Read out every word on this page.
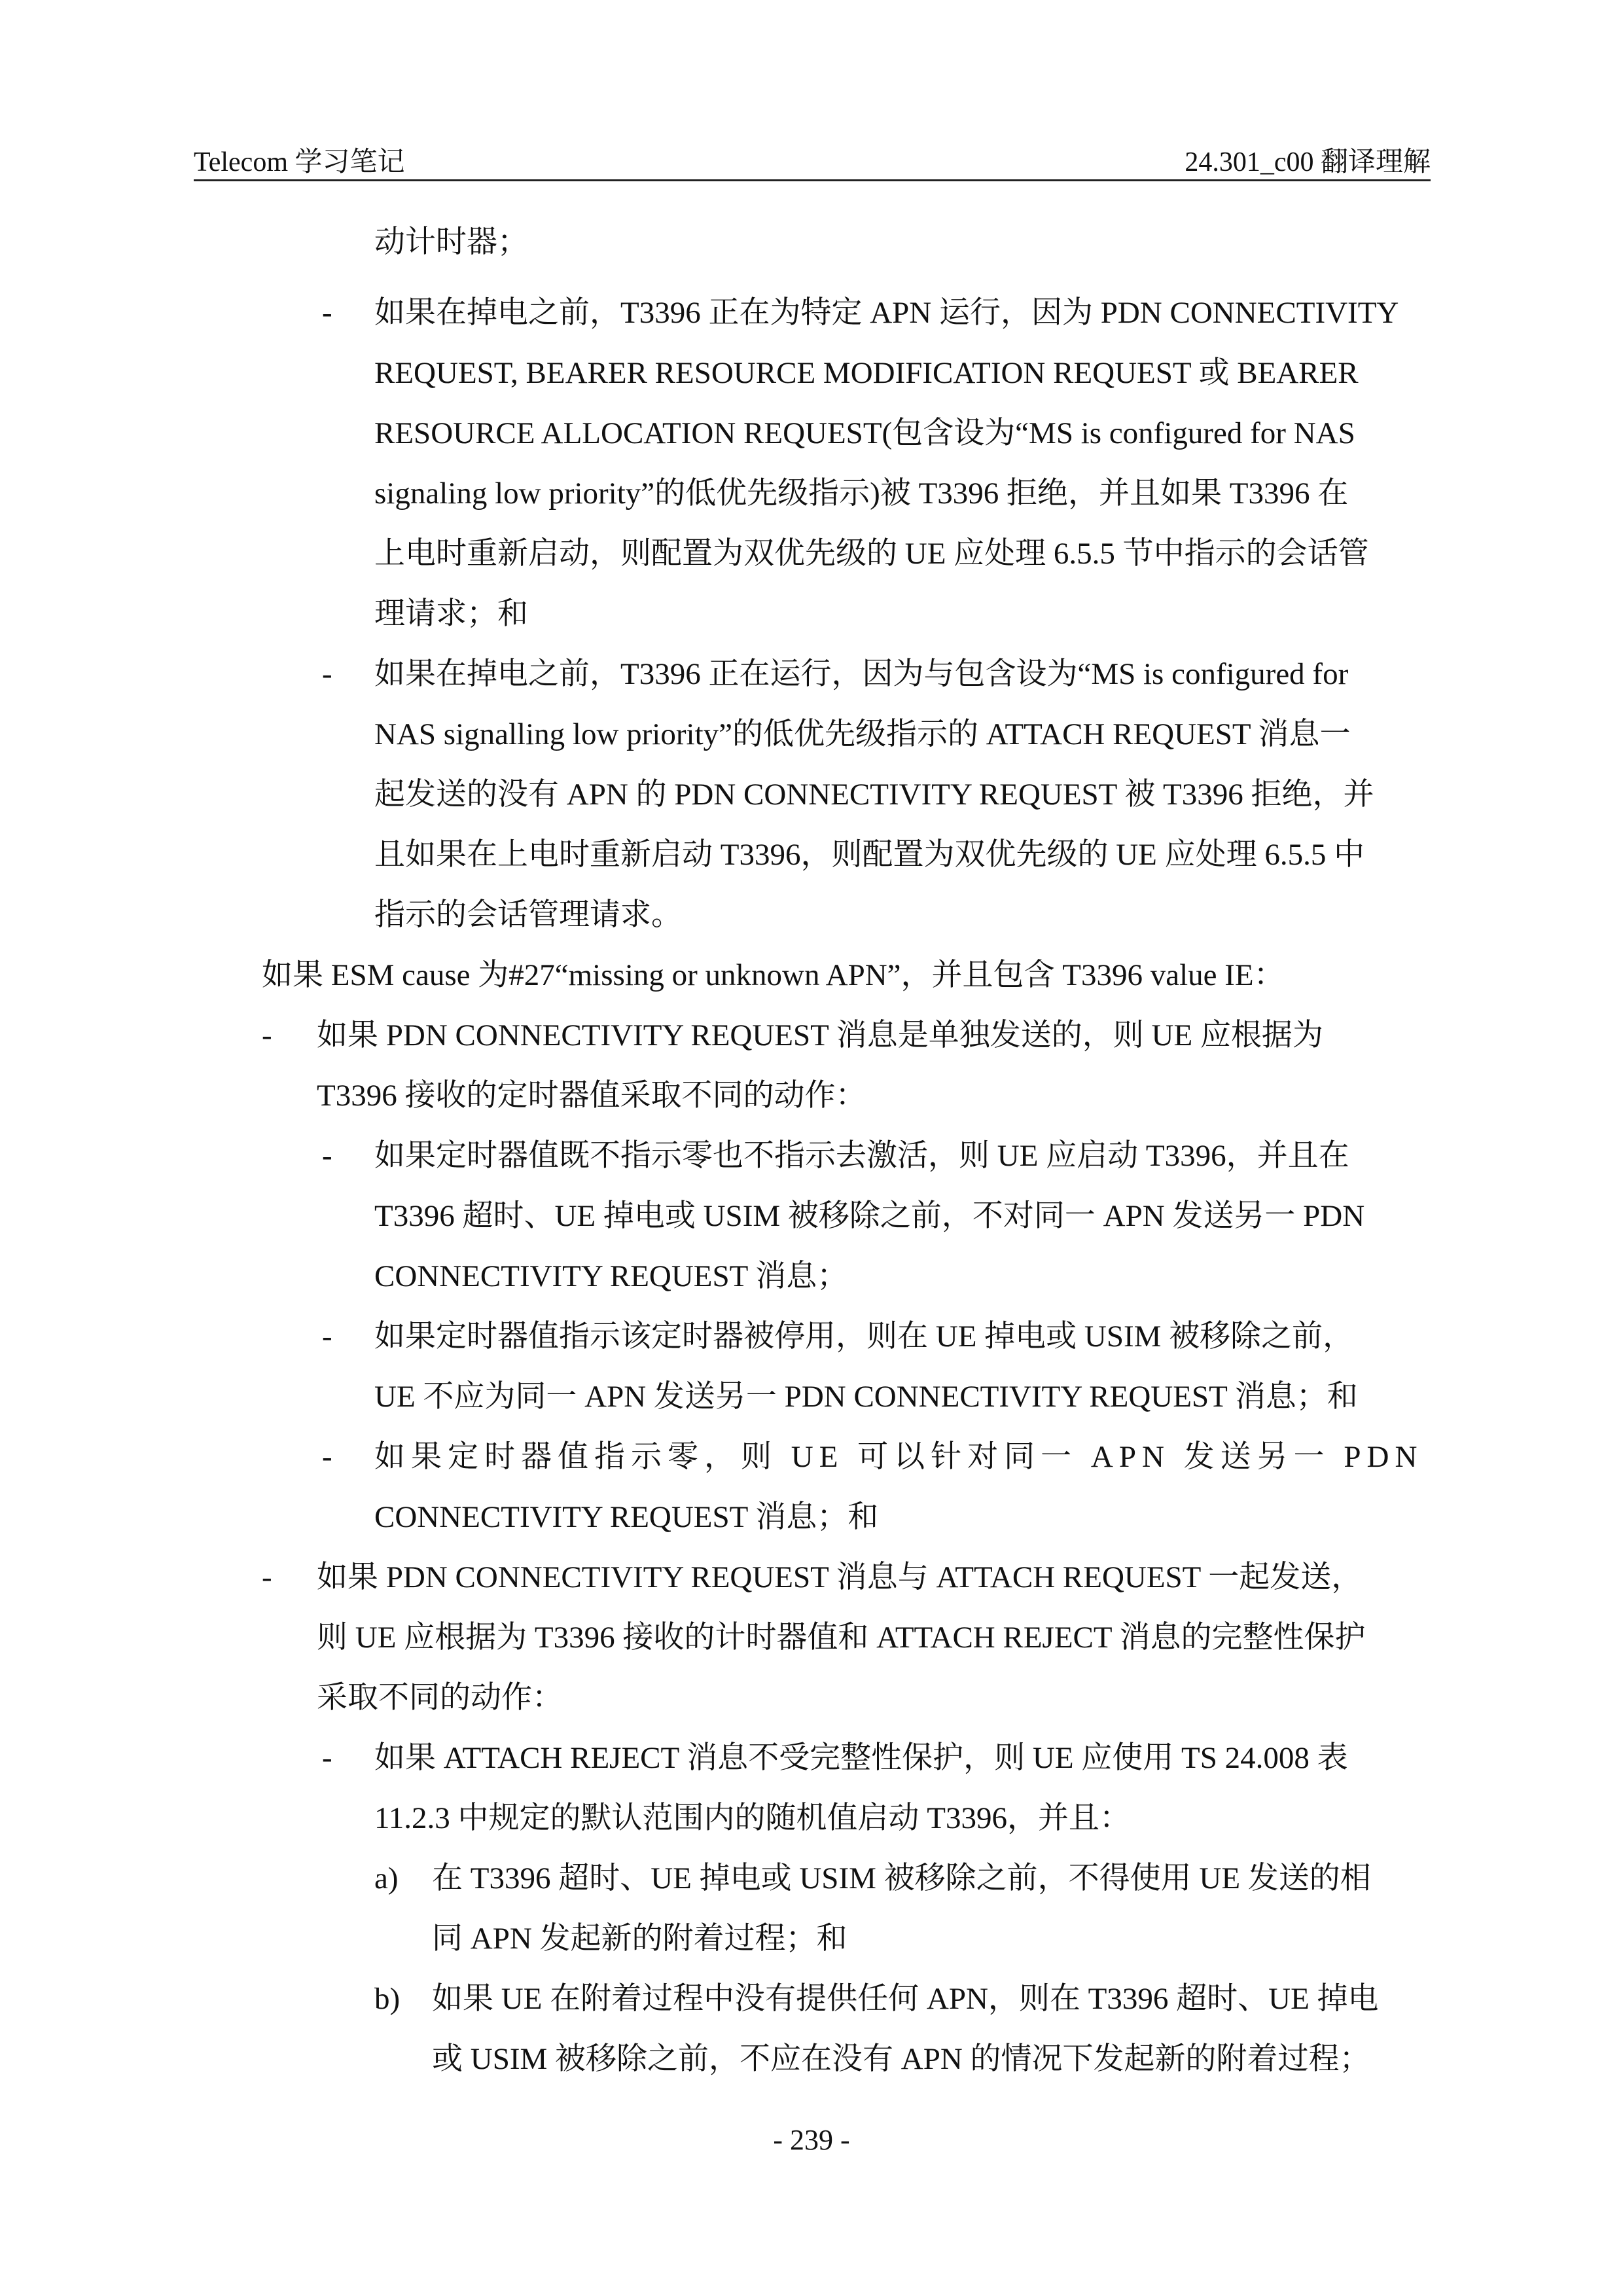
Telecom 学习笔记	24.301_c00 翻译理解
-
-
-
-
-
-
-
-
a)
b)
动计时器；
如果在掉电之前，T3396 正在为特定 APN 运行，因为 PDN CONNECTIVITY
REQUEST, BEARER RESOURCE MODIFICATION REQUEST 或 BEARER
RESOURCE ALLOCATION REQUEST(包含设为“MS is configured for NAS
signaling low priority”的低优先级指示)被 T3396 拒绝，并且如果 T3396 在
上电时重新启动，则配置为双优先级的 UE 应处理 6.5.5 节中指示的会话管
理请求；和
如果在掉电之前，T3396 正在运行，因为与包含设为“MS is configured for
NAS signalling low priority”的低优先级指示的 ATTACH REQUEST 消息一
起发送的没有 APN 的 PDN CONNECTIVITY REQUEST 被 T3396 拒绝，并
且如果在上电时重新启动 T3396，则配置为双优先级的 UE 应处理 6.5.5 中
指示的会话管理请求。
如果 ESM cause 为#27“missing or unknown APN”，并且包含 T3396 value IE：
如果 PDN CONNECTIVITY REQUEST 消息是单独发送的，则 UE 应根据为
T3396 接收的定时器值采取不同的动作：
如果定时器值既不指示零也不指示去激活，则 UE 应启动 T3396，并且在
T3396 超时、UE 掉电或 USIM 被移除之前，不对同一 APN 发送另一 PDN
CONNECTIVITY REQUEST 消息；
如果定时器值指示该定时器被停用，则在 UE 掉电或 USIM 被移除之前，
UE 不应为同一 APN 发送另一 PDN CONNECTIVITY REQUEST 消息；和
如果定时器值指示零，则 UE 可以针对同一 APN 发送另一 PDN
CONNECTIVITY REQUEST 消息；和
如果 PDN CONNECTIVITY REQUEST 消息与 ATTACH REQUEST 一起发送，
则 UE 应根据为 T3396 接收的计时器值和 ATTACH REJECT 消息的完整性保护
采取不同的动作：
如果 ATTACH REJECT 消息不受完整性保护，则 UE 应使用 TS 24.008 表
11.2.3 中规定的默认范围内的随机值启动 T3396，并且：
在 T3396 超时、UE 掉电或 USIM 被移除之前，不得使用 UE 发送的相
同 APN 发起新的附着过程；和
如果 UE 在附着过程中没有提供任何 APN，则在 T3396 超时、UE 掉电
或 USIM 被移除之前，不应在没有 APN 的情况下发起新的附着过程；
- 239 -
